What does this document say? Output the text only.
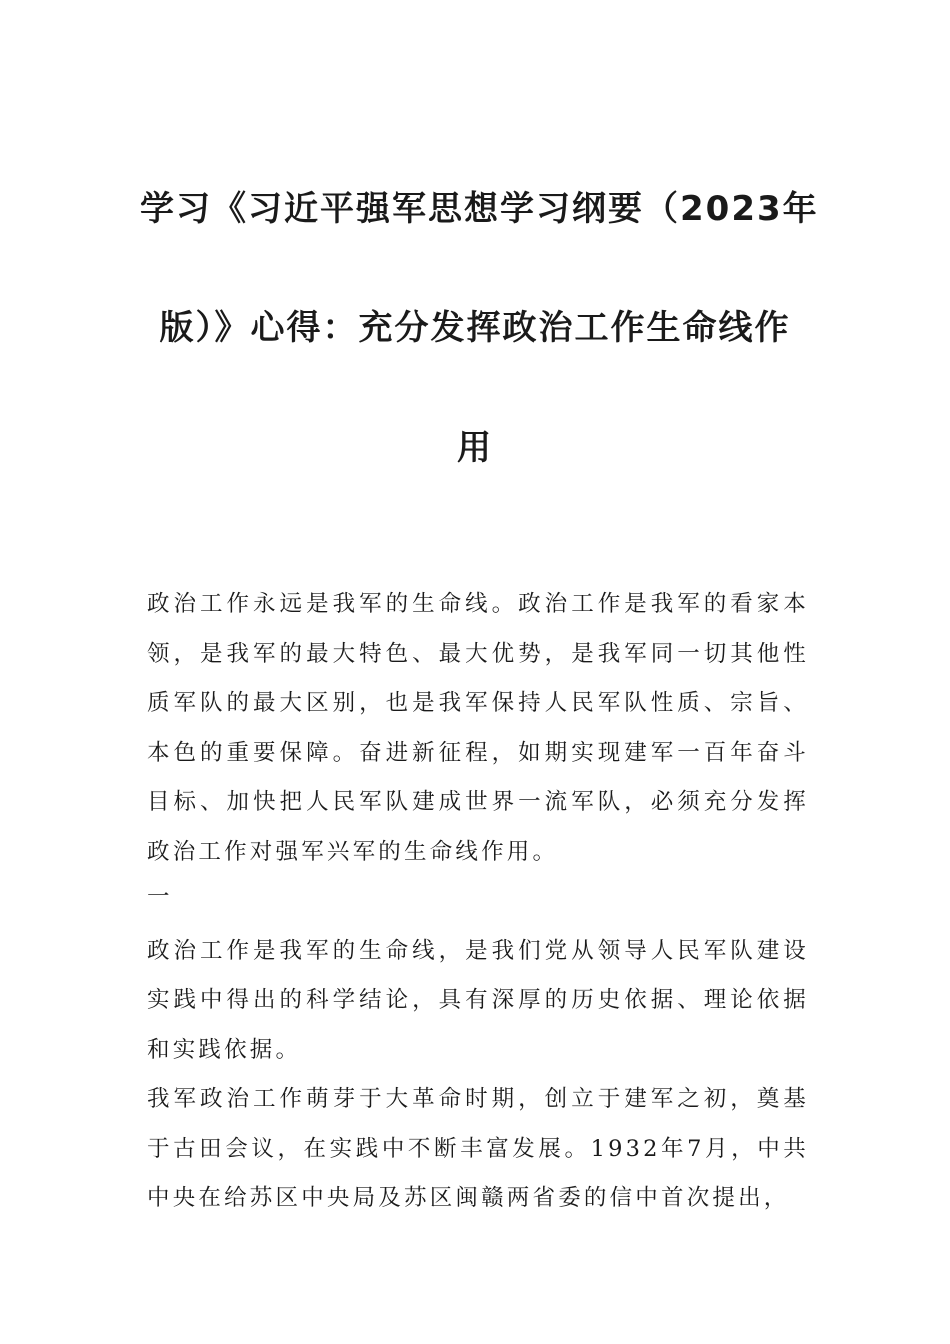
学习《习近平强军思想学习纲要（2023年
版）》心得：充分发挥政治工作生命线作
用

政治工作永远是我军的生命线。政治工作是我军的看家本领，是我军的最大特色、最大优势，是我军同一切其他性质军队的最大区别，也是我军保持人民军队性质、宗旨、本色的重要保障。奋进新征程，如期实现建军一百年奋斗目标、加快把人民军队建成世界一流军队，必须充分发挥政治工作对强军兴军的生命线作用。

一

政治工作是我军的生命线，是我们党从领导人民军队建设实践中得出的科学结论，具有深厚的历史依据、理论依据和实践依据。

我军政治工作萌芽于大革命时期，创立于建军之初，奠基于古田会议，在实践中不断丰富发展。1932年7月，中共中央在给苏区中央局及苏区闽赣两省委的信中首次提出，
